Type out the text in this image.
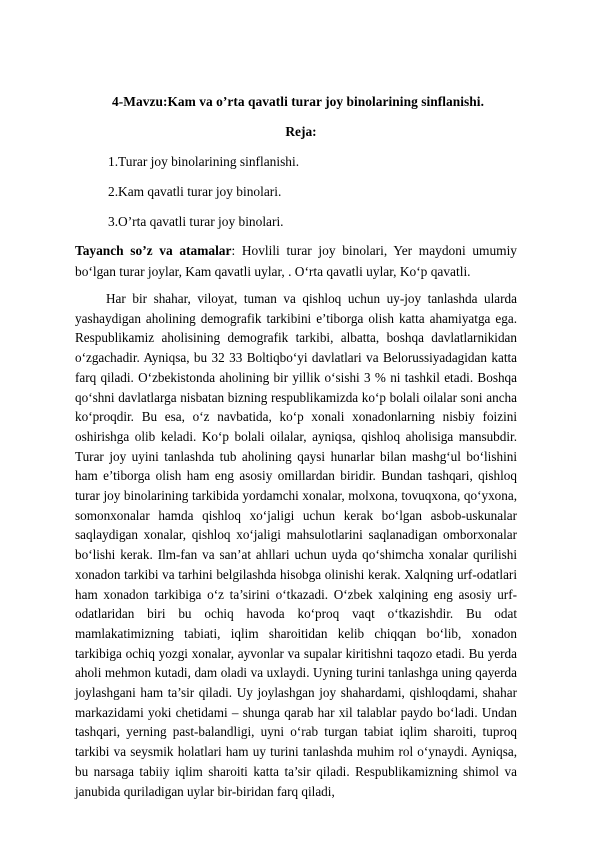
4-Mavzu:Kam va o’rta qavatli turar joy binolarining sinflanishi.
Reja:
1.Turar joy binolarining sinflanishi.
2.Kam qavatli turar joy binolari.
3.O’rta qavatli turar joy binolari.
Tayanch so’z va atamalar: Hovlili turar joy binolari, Yer maydoni umumiy bo‘lgan turar joylar, Kam qavatli uylar, . O‘rta qavatli uylar, Ko‘p qavatli.

Har bir shahar, viloyat, tuman va qishloq uchun uy-joy tanlashda ularda yashaydigan aholining demografik tarkibini e’tiborga olish katta ahamiyatga ega. Respublikamiz aholisining demografik tarkibi, albatta, boshqa davlatlarnikidan o‘zgachadir. Ayniqsa, bu 32 33 Boltiqbo‘yi davlatlari va Belorussiyadagidan katta farq qiladi. O‘zbekistonda aholining bir yillik o‘sishi 3 % ni tashkil etadi. Boshqa qo‘shni davlatlarga nisbatan bizning respublikamizda ko‘p bolali oilalar soni ancha ko‘proqdir. Bu esa, o‘z navbatida, ko‘p xonali xonadonlarning nisbiy foizini oshirishga olib keladi. Ko‘p bolali oilalar, ayniqsa, qishloq aholisiga mansubdir. Turar joy uyini tanlashda tub aholining qaysi hunarlar bilan mashg‘ul bo‘lishini ham e’tiborga olish ham eng asosiy omillardan biridir. Bundan tashqari, qishloq turar joy binolarining tarkibida yordamchi xonalar, molxona, tovuqxona, qo‘yxona, somonxonalar hamda qishloq xo‘jaligi uchun kerak bo‘lgan asbob-uskunalar saqlaydigan xonalar, qishloq xo‘jaligi mahsulotlarini saqlanadigan omborxonalar bo‘lishi kerak. Ilm-fan va san’at ahllari uchun uyda qo‘shimcha xonalar qurilishi xonadon tarkibi va tarhini belgilashda hisobga olinishi kerak. Xalqning urf-odatlari ham xonadon tarkibiga o‘z ta’sirini o‘tkazadi. O‘zbek xalqining eng asosiy urf-odatlaridan biri bu ochiq havoda ko‘proq vaqt o‘tkazishdir. Bu odat mamlakatimizning tabiati, iqlim sharoitidan kelib chiqqan bo‘lib, xonadon tarkibiga ochiq yozgi xonalar, ayvonlar va supalar kiritishni taqozo etadi. Bu yerda aholi mehmon kutadi, dam oladi va uxlaydi. Uyning turini tanlashga uning qayerda joylashgani ham ta’sir qiladi. Uy joylashgan joy shahardami, qishloqdami, shahar markazidami yoki chetidami – shunga qarab har xil talablar paydo bo‘ladi. Undan tashqari, yerning past-balandligi, uyni o‘rab turgan tabiat iqlim sharoiti, tuproq tarkibi va seysmik holatlari ham uy turini tanlashda muhim rol o‘ynaydi. Ayniqsa, bu narsaga tabiiy iqlim sharoiti katta ta’sir qiladi. Respublikamizning shimol va janubida quriladigan uylar bir-biridan farq qiladi,
